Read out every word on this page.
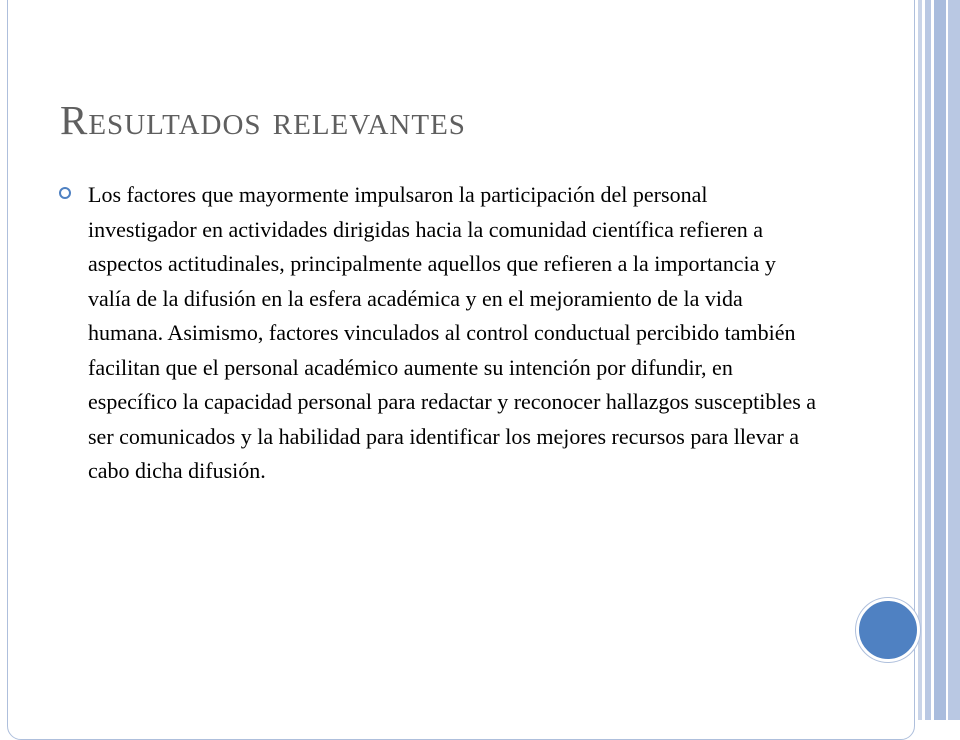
Resultados relevantes

Los factores que mayormente impulsaron la participación del personal investigador en actividades dirigidas hacia la comunidad científica refieren a aspectos actitudinales, principalmente aquellos que refieren a la importancia y valía de la difusión en la esfera académica y en el mejoramiento de la vida humana. Asimismo, factores vinculados al control conductual percibido también facilitan que el personal académico aumente su intención por difundir, en específico la capacidad personal para redactar y reconocer hallazgos susceptibles a ser comunicados y la habilidad para identificar los mejores recursos para llevar a cabo dicha difusión.
